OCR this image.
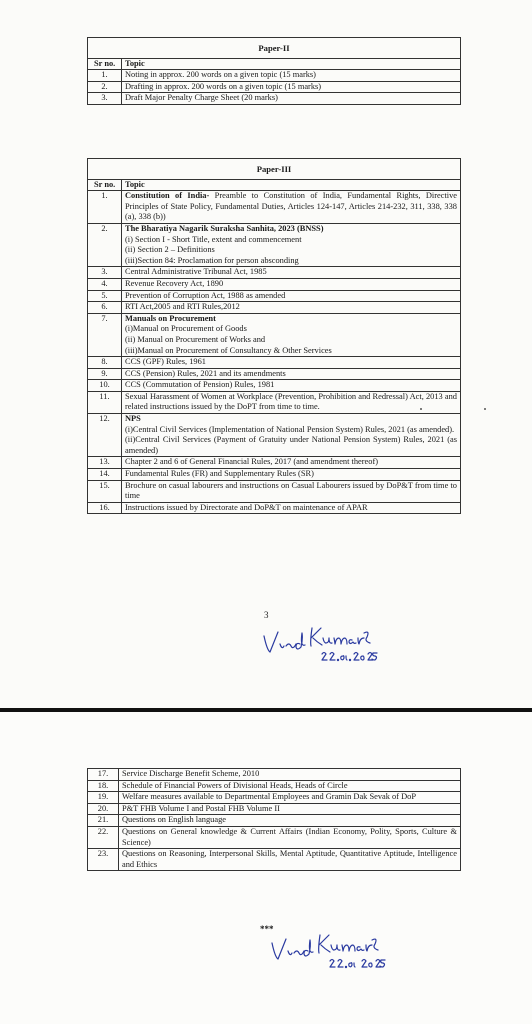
Paper-II	
Sr no.	Topic
1.	Noting in approx. 200 words on a given topic (15 marks)
2.	Drafting in approx. 200 words on a given topic (15 marks)
3.	Draft Major Penalty Charge Sheet (20 marks)
Paper-III	
Sr no.	Topic
1.	Constitution of India- Preamble to Constitution of India, Fundamental Rights, Directive Principles of State Policy, Fundamental Duties, Articles 124-147, Articles 214-232, 311, 338, 338 (a), 338 (b))
2.	The Bharatiya Nagarik Suraksha Sanhita, 2023 (BNSS)
(i) Section I - Short Title, extent and commencement
(ii) Section 2 – Definitions
(iii)Section 84: Proclamation for person absconding

3.	Central Administrative Tribunal Act, 1985
4.	Revenue Recovery Act, 1890
5.	Prevention of Corruption Act, 1988 as amended
6.	RTI Act,2005 and RTI Rules,2012
7.	Manuals on Procurement
(i)Manual on Procurement of Goods
(ii) Manual on Procurement of Works and
(iii)Manual on Procurement of Consultancy & Other Services

8.	CCS (GPF) Rules, 1961
9.	CCS (Pension) Rules, 2021 and its amendments
10.	CCS (Commutation of Pension) Rules, 1981
11.	Sexual Harassment of Women at Workplace (Prevention, Prohibition and Redressal) Act, 2013 and related instructions issued by the DoPT from time to time.
12.	NPS
(i)Central Civil Services (Implementation of National Pension System) Rules, 2021 (as amended).
(ii)Central Civil Services (Payment of Gratuity under National Pension System) Rules, 2021 (as amended)

13.	Chapter 2 and 6 of General Financial Rules, 2017 (and amendment thereof)
14.	Fundamental Rules (FR) and Supplementary Rules (SR)
15.	Brochure on casual labourers and instructions on Casual Labourers issued by DoP&T from time to time
16.	Instructions issued by Directorate and DoP&T on maintenance of APAR
3
17.	Service Discharge Benefit Scheme, 2010
18.	Schedule of Financial Powers of Divisional Heads, Heads of Circle
19.	Welfare measures available to Departmental Employees and Gramin Dak Sevak of DoP
20.	P&T FHB Volume I and Postal FHB Volume II
21.	Questions on English language
22.	Questions on General knowledge & Current Affairs (Indian Economy, Polity, Sports, Culture & Science)
23.	Questions on Reasoning, Interpersonal Skills, Mental Aptitude, Quantitative Aptitude, Intelligence and Ethics
***
